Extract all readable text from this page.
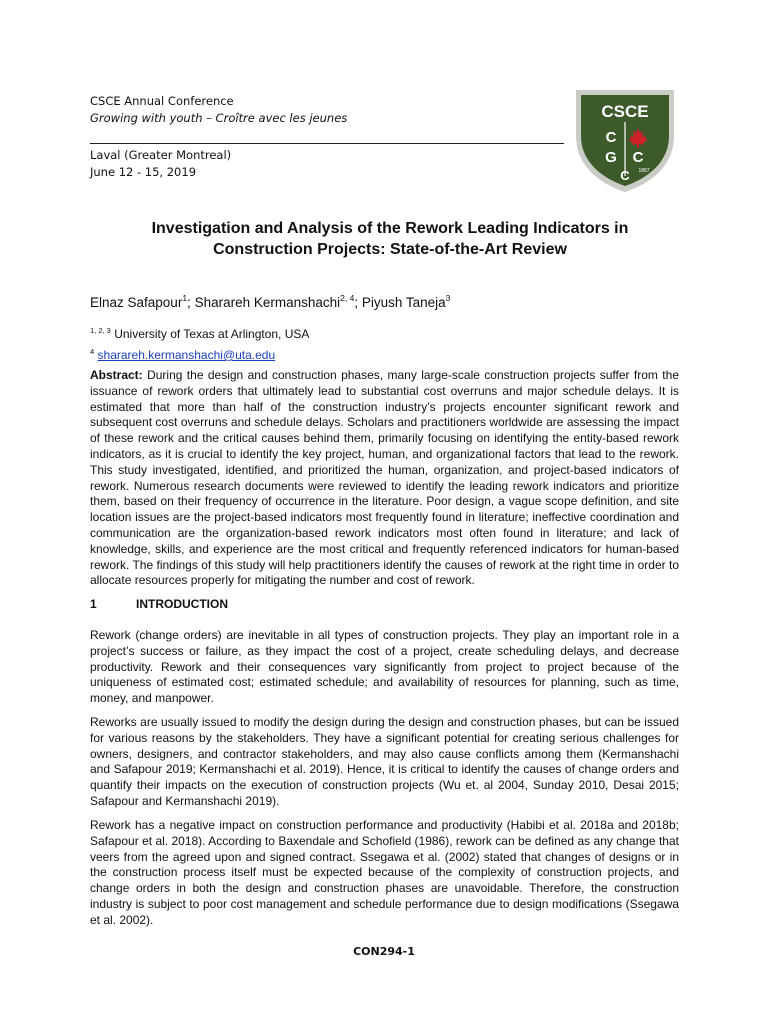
CSCE Annual Conference
Growing with youth – Croître avec les jeunes
Laval (Greater Montreal)
June 12 - 15, 2019
CSCE
C
G
C
C
1887
Investigation and Analysis of the Rework Leading Indicators in
Construction Projects: State-of-the-Art Review
Elnaz Safapour$^1$; Sharareh Kermanshachi$^{2, 4}$; Piyush Taneja$^3$
$^{1, 2, 3}$ University of Texas at Arlington, USA
$^4$ sharareh.kermanshachi@uta.edu
Abstract: During the design and construction phases, many large-scale construction projects suffer from the issuance of rework orders that ultimately lead to substantial cost overruns and major schedule delays. It is estimated that more than half of the construction industry’s projects encounter significant rework and subsequent cost overruns and schedule delays. Scholars and practitioners worldwide are assessing the impact of these rework and the critical causes behind them, primarily focusing on identifying the entity-based rework indicators, as it is crucial to identify the key project, human, and organizational factors that lead to the rework. This study investigated, identified, and prioritized the human, organization, and project-based indicators of rework. Numerous research documents were reviewed to identify the leading rework indicators and prioritize them, based on their frequency of occurrence in the literature. Poor design, a vague scope definition, and site location issues are the project-based indicators most frequently found in literature; ineffective coordination and communication are the organization-based rework indicators most often found in literature; and lack of knowledge, skills, and experience are the most critical and frequently referenced indicators for human-based rework. The findings of this study will help practitioners identify the causes of rework at the right time in order to allocate resources properly for mitigating the number and cost of rework.
1	INTRODUCTION

Rework (change orders) are inevitable in all types of construction projects. They play an important role in a project’s success or failure, as they impact the cost of a project, create scheduling delays, and decrease productivity. Rework and their consequences vary significantly from project to project because of the uniqueness of estimated cost; estimated schedule; and availability of resources for planning, such as time, money, and manpower.

Reworks are usually issued to modify the design during the design and construction phases, but can be issued for various reasons by the stakeholders. They have a significant potential for creating serious challenges for owners, designers, and contractor stakeholders, and may also cause conflicts among them (Kermanshachi and Safapour 2019; Kermanshachi et al. 2019). Hence, it is critical to identify the causes of change orders and quantify their impacts on the execution of construction projects (Wu et. al 2004, Sunday 2010, Desai 2015; Safapour and Kermanshachi 2019).

Rework has a negative impact on construction performance and productivity (Habibi et al. 2018a and 2018b; Safapour et al. 2018). According to Baxendale and Schofield (1986), rework can be defined as any change that veers from the agreed upon and signed contract. Ssegawa et al. (2002) stated that changes of designs or in the construction process itself must be expected because of the complexity of construction projects, and change orders in both the design and construction phases are unavoidable. Therefore, the construction industry is subject to poor cost management and schedule performance due to design modifications (Ssegawa et al. 2002).

CON294-1
